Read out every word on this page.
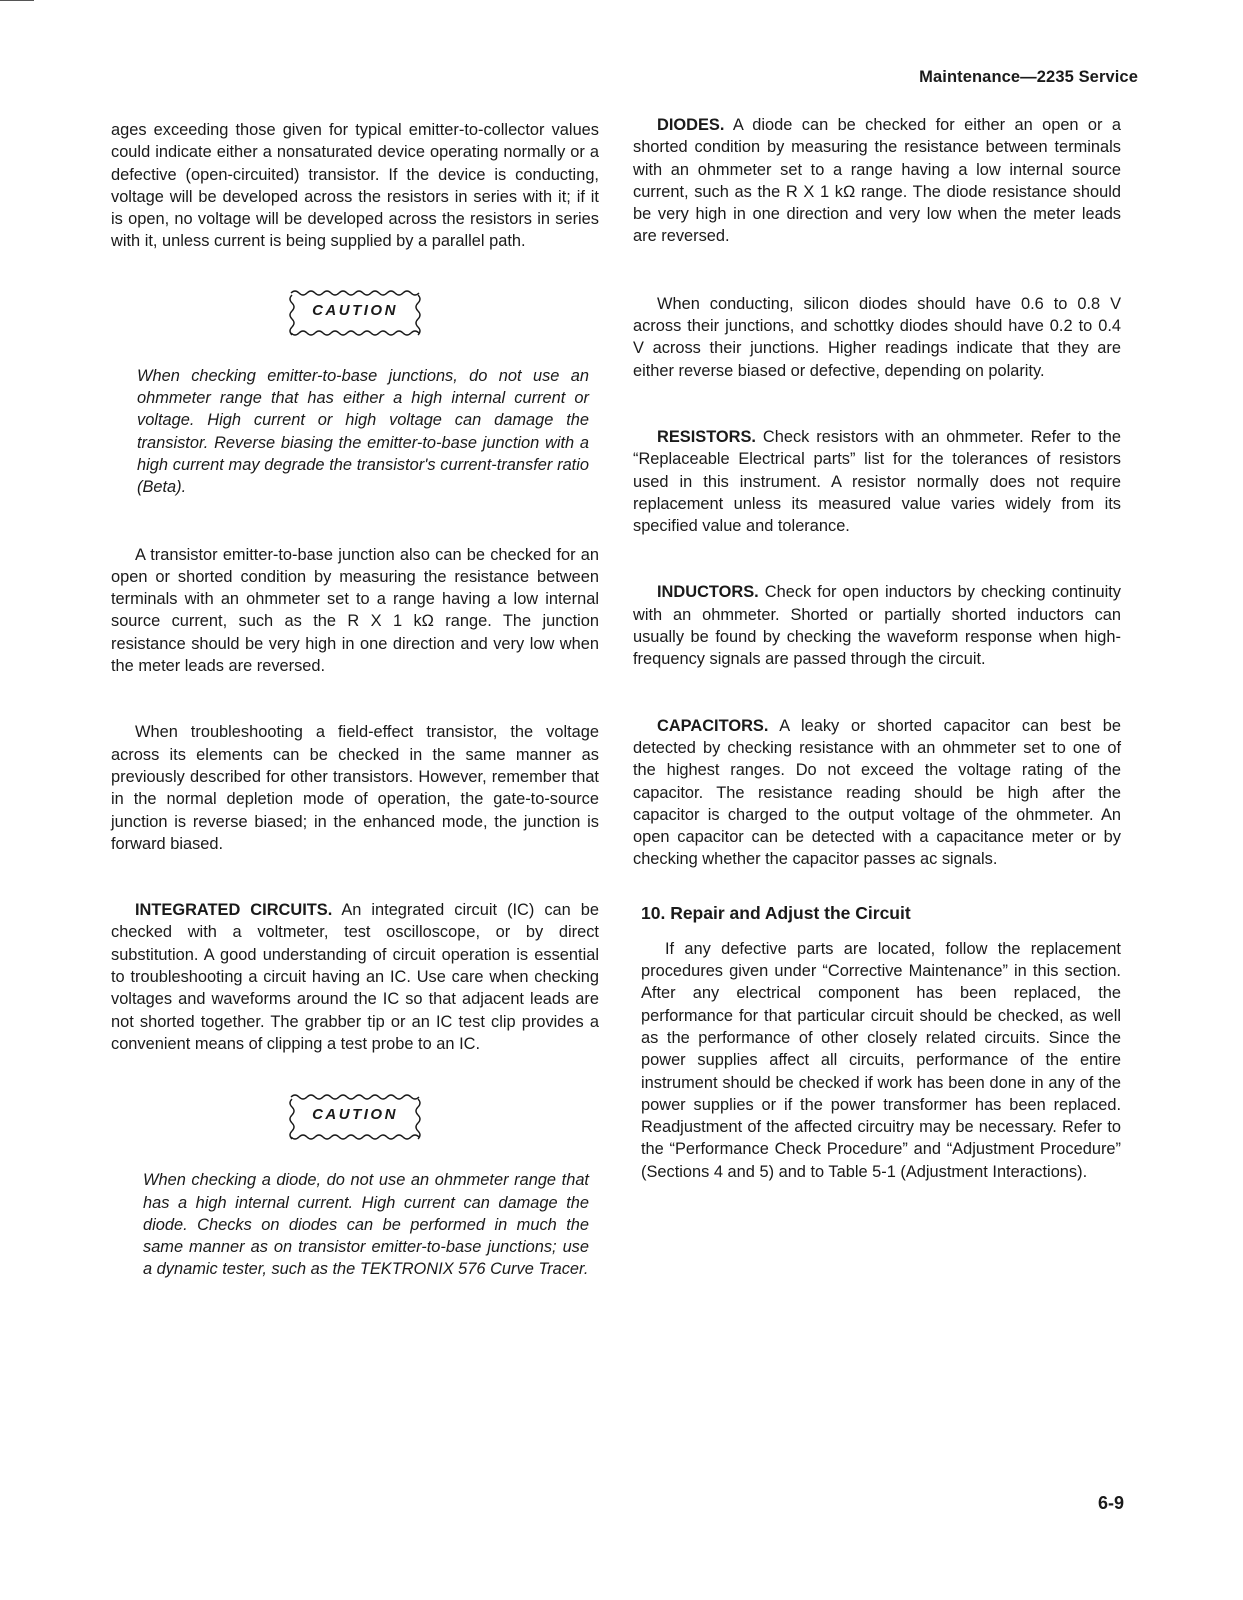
Maintenance—2235 Service

ages exceeding those given for typical emitter-to-collector values could indicate either a nonsaturated device operating normally or a defective (open-circuited) transistor. If the device is conducting, voltage will be developed across the resistors in series with it; if it is open, no voltage will be developed across the resistors in series with it, unless current is being supplied by a parallel path.

CAUTION

When checking emitter-to-base junctions, do not use an ohmmeter range that has either a high internal current or voltage. High current or high voltage can damage the transistor. Reverse biasing the emitter-to-base junction with a high current may degrade the transistor's current-transfer ratio (Beta).

A transistor emitter-to-base junction also can be checked for an open or shorted condition by measuring the resistance between terminals with an ohmmeter set to a range having a low internal source current, such as the R X 1 kΩ range. The junction resistance should be very high in one direction and very low when the meter leads are reversed.

When troubleshooting a field-effect transistor, the voltage across its elements can be checked in the same manner as previously described for other transistors. However, remember that in the normal depletion mode of operation, the gate-to-source junction is reverse biased; in the enhanced mode, the junction is forward biased.

INTEGRATED CIRCUITS. An integrated circuit (IC) can be checked with a voltmeter, test oscilloscope, or by direct substitution. A good understanding of circuit operation is essential to troubleshooting a circuit having an IC. Use care when checking voltages and waveforms around the IC so that adjacent leads are not shorted together. The grabber tip or an IC test clip provides a convenient means of clipping a test probe to an IC.

CAUTION

When checking a diode, do not use an ohmmeter range that has a high internal current. High current can damage the diode. Checks on diodes can be performed in much the same manner as on transistor emitter-to-base junctions; use a dynamic tester, such as the TEKTRONIX 576 Curve Tracer.

DIODES. A diode can be checked for either an open or a shorted condition by measuring the resistance between terminals with an ohmmeter set to a range having a low internal source current, such as the R X 1 kΩ range. The diode resistance should be very high in one direction and very low when the meter leads are reversed.

When conducting, silicon diodes should have 0.6 to 0.8 V across their junctions, and schottky diodes should have 0.2 to 0.4 V across their junctions. Higher readings indicate that they are either reverse biased or defective, depending on polarity.

RESISTORS. Check resistors with an ohmmeter. Refer to the “Replaceable Electrical parts” list for the tolerances of resistors used in this instrument. A resistor normally does not require replacement unless its measured value varies widely from its specified value and tolerance.

INDUCTORS. Check for open inductors by checking continuity with an ohmmeter. Shorted or partially shorted inductors can usually be found by checking the waveform response when high-frequency signals are passed through the circuit.

CAPACITORS. A leaky or shorted capacitor can best be detected by checking resistance with an ohmmeter set to one of the highest ranges. Do not exceed the voltage rating of the capacitor. The resistance reading should be high after the capacitor is charged to the output voltage of the ohmmeter. An open capacitor can be detected with a capacitance meter or by checking whether the capacitor passes ac signals.

10. Repair and Adjust the Circuit

If any defective parts are located, follow the replacement procedures given under “Corrective Maintenance” in this section. After any electrical component has been replaced, the performance for that particular circuit should be checked, as well as the performance of other closely related circuits. Since the power supplies affect all circuits, performance of the entire instrument should be checked if work has been done in any of the power supplies or if the power transformer has been replaced. Readjustment of the affected circuitry may be necessary. Refer to the “Performance Check Procedure” and “Adjustment Procedure” (Sections 4 and 5) and to Table 5-1 (Adjustment Interactions).

6-9
